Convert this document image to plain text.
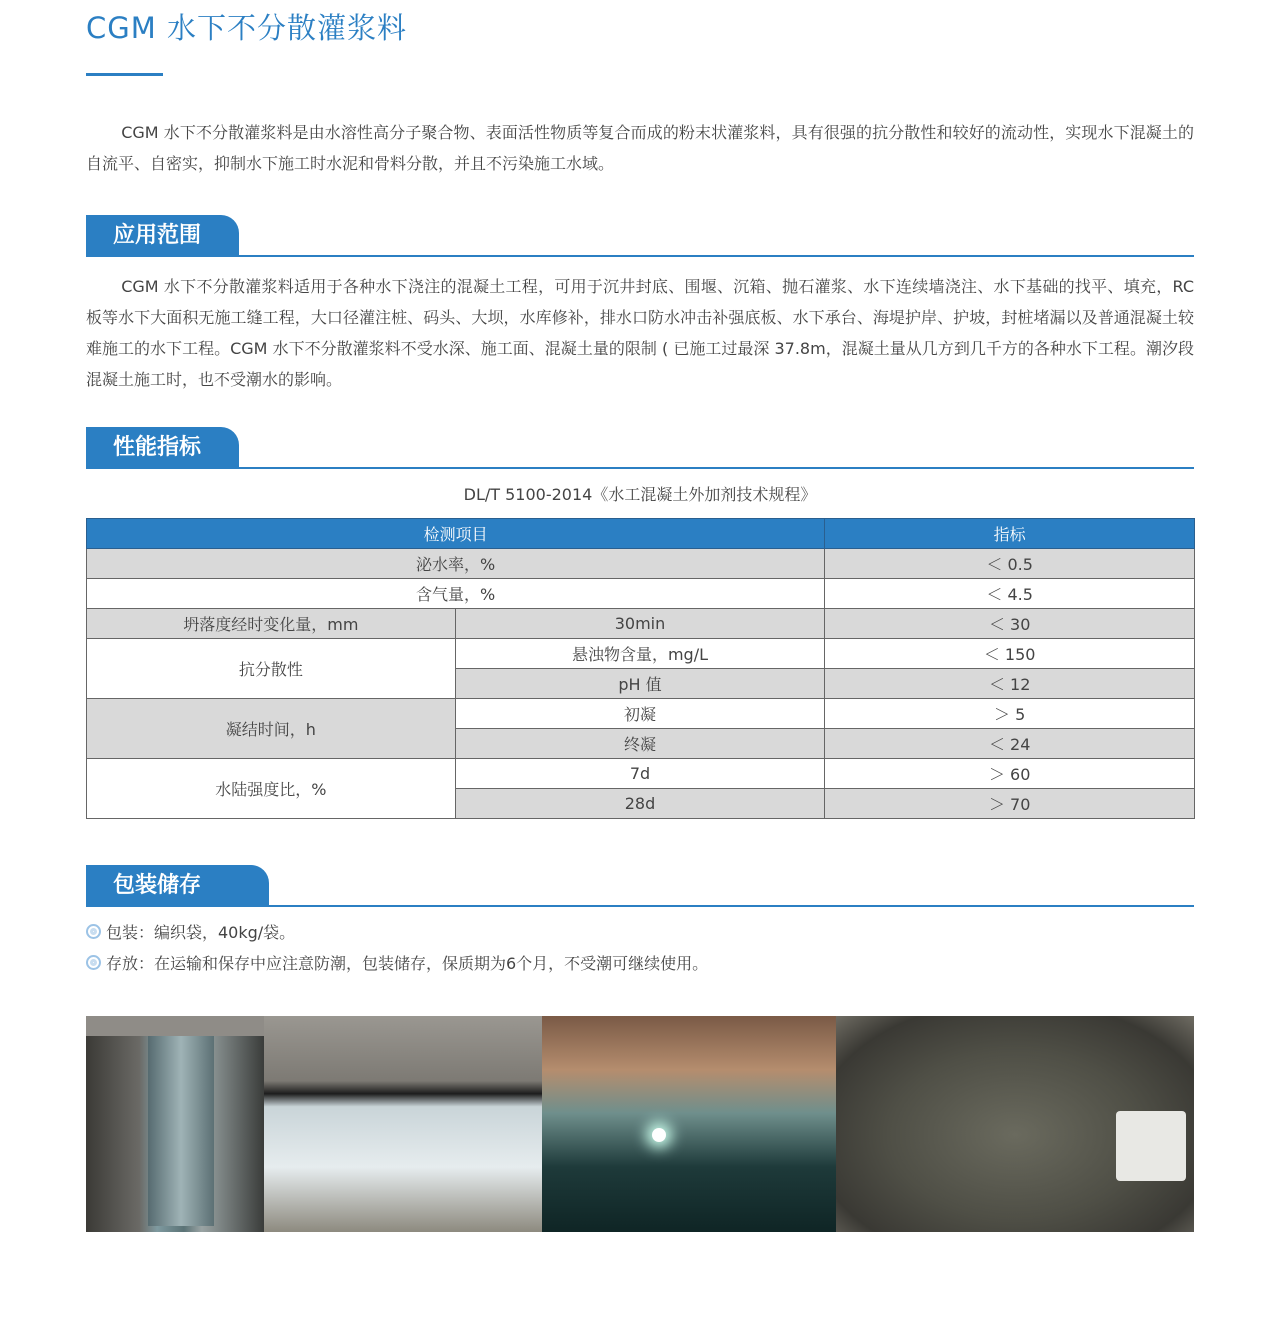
CGM 水下不分散灌浆料
CGM 水下不分散灌浆料是由水溶性高分子聚合物、表面活性物质等复合而成的粉末状灌浆料，具有很强的抗分散性和较好的流动性，实现水下混凝土的自流平、自密实，抑制水下施工时水泥和骨料分散，并且不污染施工水域。
应用范围
CGM 水下不分散灌浆料适用于各种水下浇注的混凝土工程，可用于沉井封底、围堰、沉箱、抛石灌浆、水下连续墙浇注、水下基础的找平、填充，RC 板等水下大面积无施工缝工程，大口径灌注桩、码头、大坝，水库修补，排水口防水冲击补强底板、水下承台、海堤护岸、护坡，封桩堵漏以及普通混凝土较难施工的水下工程。CGM 水下不分散灌浆料不受水深、施工面、混凝土量的限制 ( 已施工过最深 37.8m，混凝土量从几方到几千方的各种水下工程。潮汐段混凝土施工时，也不受潮水的影响。
性能指标
DL/T 5100-2014《水工混凝土外加剂技术规程》
检测项目		指标
泌水率，%		＜ 0.5
含气量，%		＜ 4.5
坍落度经时变化量，mm	30min	＜ 30
抗分散性	悬浊物含量，mg/L	＜ 150
	pH 值	＜ 12
凝结时间，h	初凝	＞ 5
	终凝	＜ 24
水陆强度比，%	7d	＞ 60
	28d	＞ 70
包装储存
包装：编织袋，40kg/袋。
存放：在运输和保存中应注意防潮，包装储存，保质期为6个月，不受潮可继续使用。
